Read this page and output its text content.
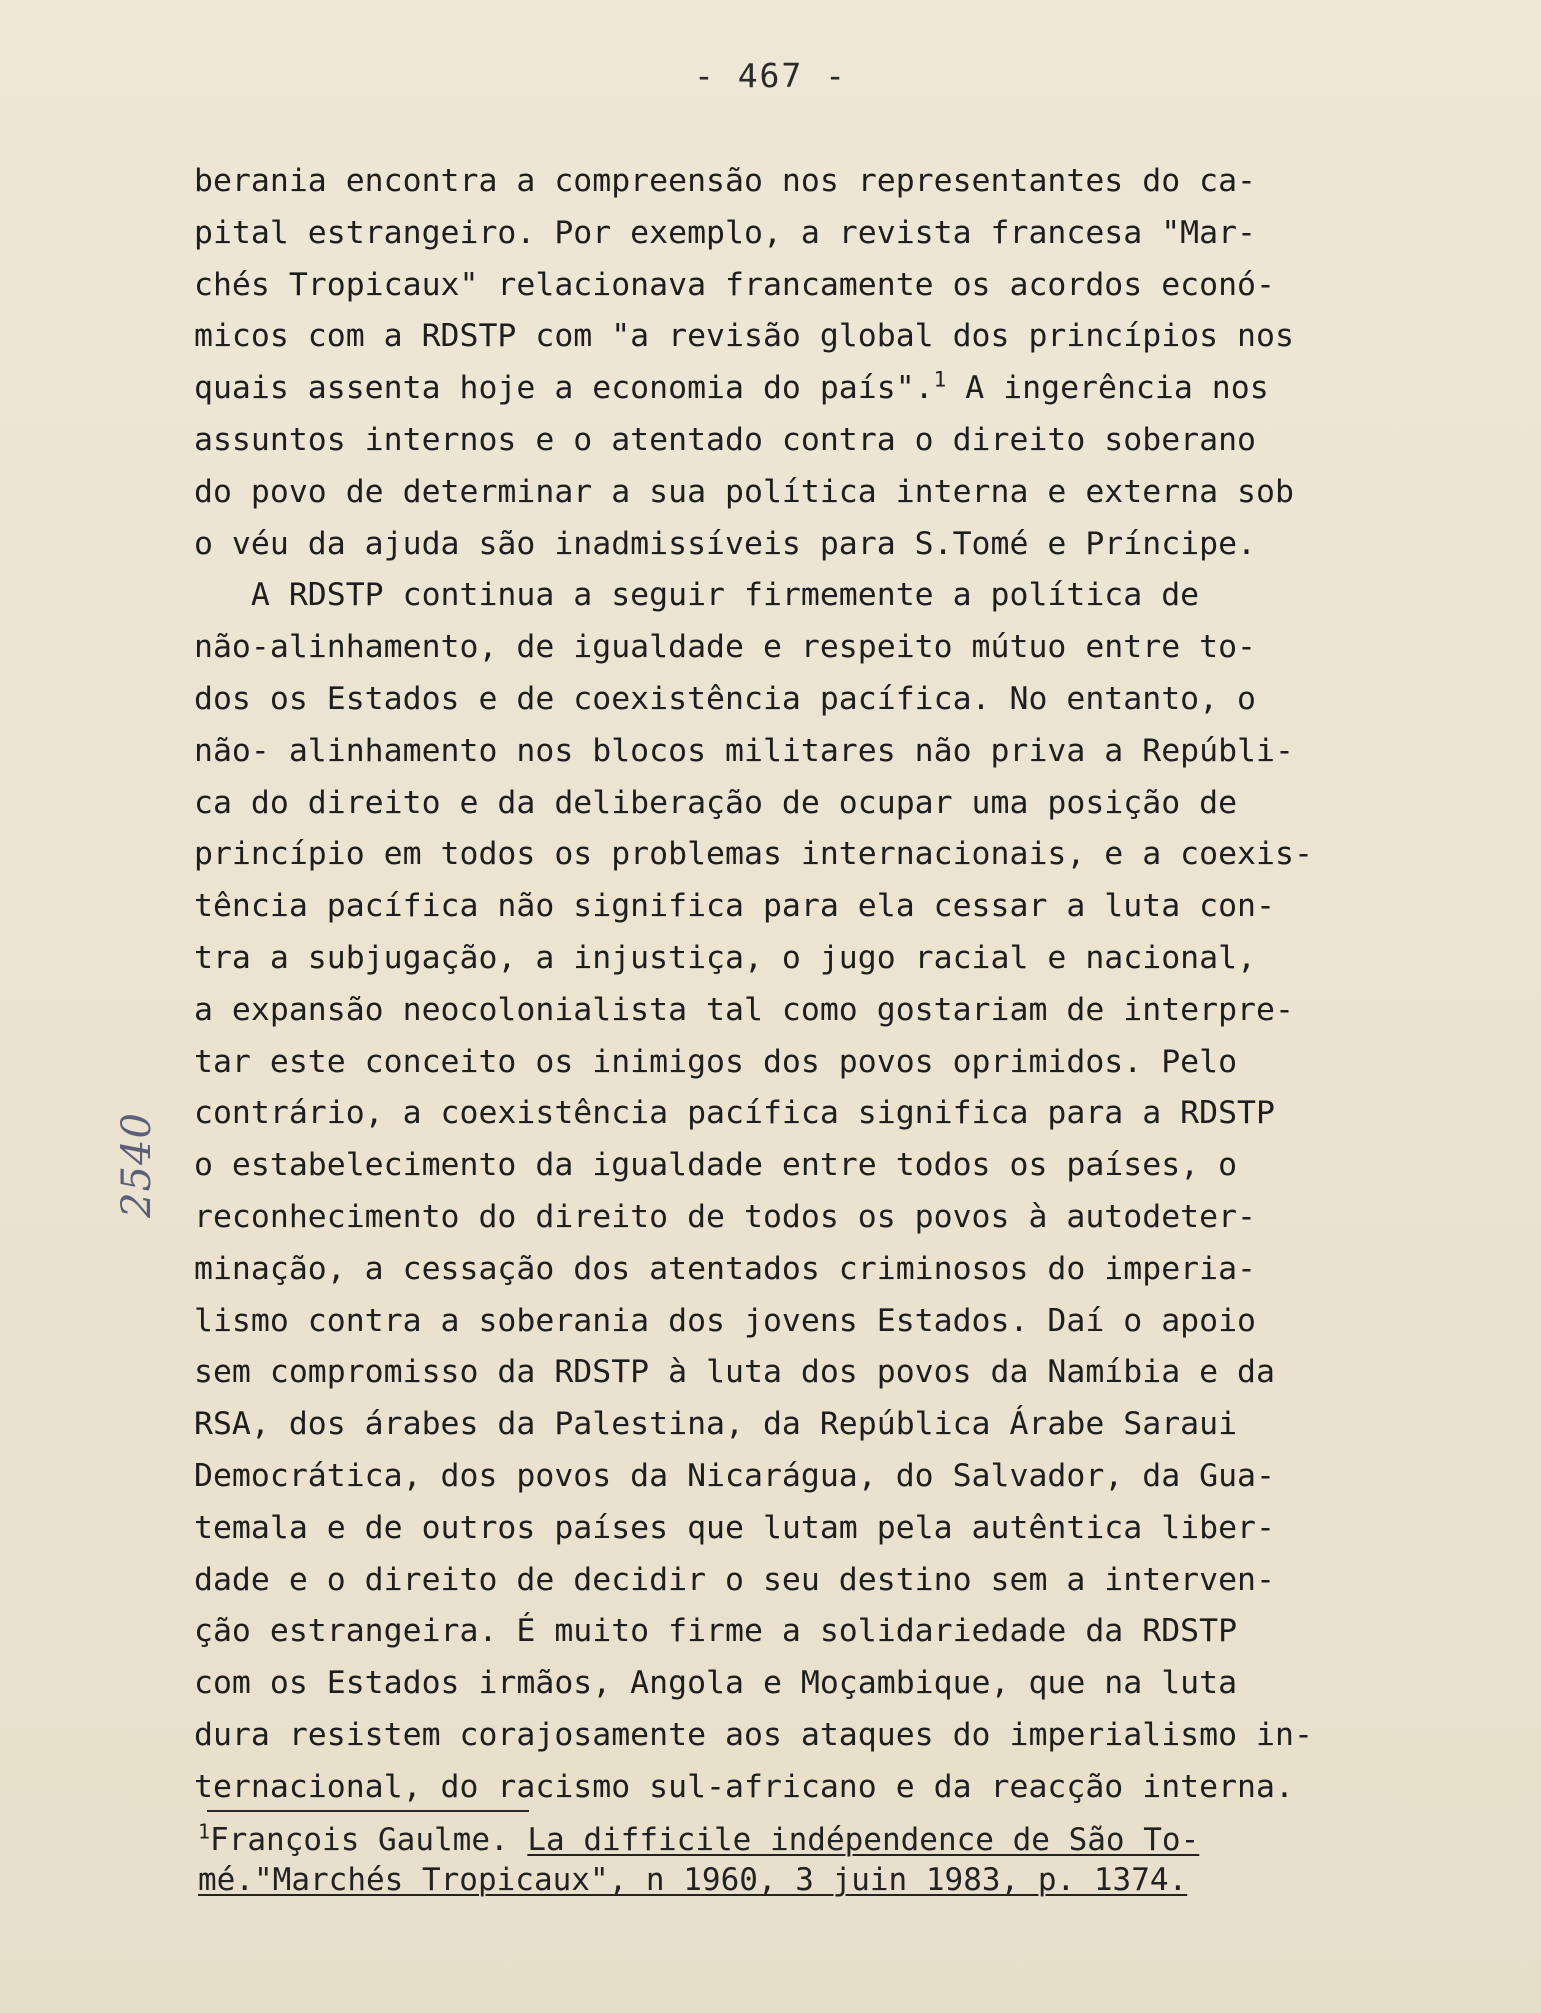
- 467 -
berania encontra a compreensão nos representantes do ca-
pital estrangeiro. Por exemplo, a revista francesa "Mar-
chés Tropicaux" relacionava francamente os acordos econó-
micos com a RDSTP com "a revisão global dos princípios nos
quais assenta hoje a economia do país".$^1$ A ingerência nos
assuntos internos e o atentado contra o direito soberano
do povo de determinar a sua política interna e externa sob
o véu da ajuda são inadmissíveis para S.Tomé e Príncipe.
A RDSTP continua a seguir firmemente a política de
não-alinhamento, de igualdade e respeito mútuo entre to-
dos os Estados e de coexistência pacífica. No entanto, o
não- alinhamento nos blocos militares não priva a Repúbli-
ca do direito e da deliberação de ocupar uma posição de
princípio em todos os problemas internacionais, e a coexis-
tência pacífica não significa para ela cessar a luta con-
tra a subjugação, a injustiça, o jugo racial e nacional,
a expansão neocolonialista tal como gostariam de interpre-
tar este conceito os inimigos dos povos oprimidos. Pelo
contrário, a coexistência pacífica significa para a RDSTP
o estabelecimento da igualdade entre todos os países, o
reconhecimento do direito de todos os povos à autodeter-
minação, a cessação dos atentados criminosos do imperia-
lismo contra a soberania dos jovens Estados. Daí o apoio
sem compromisso da RDSTP à luta dos povos da Namíbia e da
RSA, dos árabes da Palestina, da República Árabe Saraui
Democrática, dos povos da Nicarágua, do Salvador, da Gua-
temala e de outros países que lutam pela autêntica liber-
dade e o direito de decidir o seu destino sem a interven-
ção estrangeira. É muito firme a solidariedade da RDSTP
com os Estados irmãos, Angola e Moçambique, que na luta
dura resistem corajosamente aos ataques do imperialismo in-
ternacional, do racismo sul-africano e da reacção interna.
$^1$François Gaulme. La difficile indépendence de São To-
mé."Marchés Tropicaux", n 1960, 3 juin 1983, p. 1374.
2540
